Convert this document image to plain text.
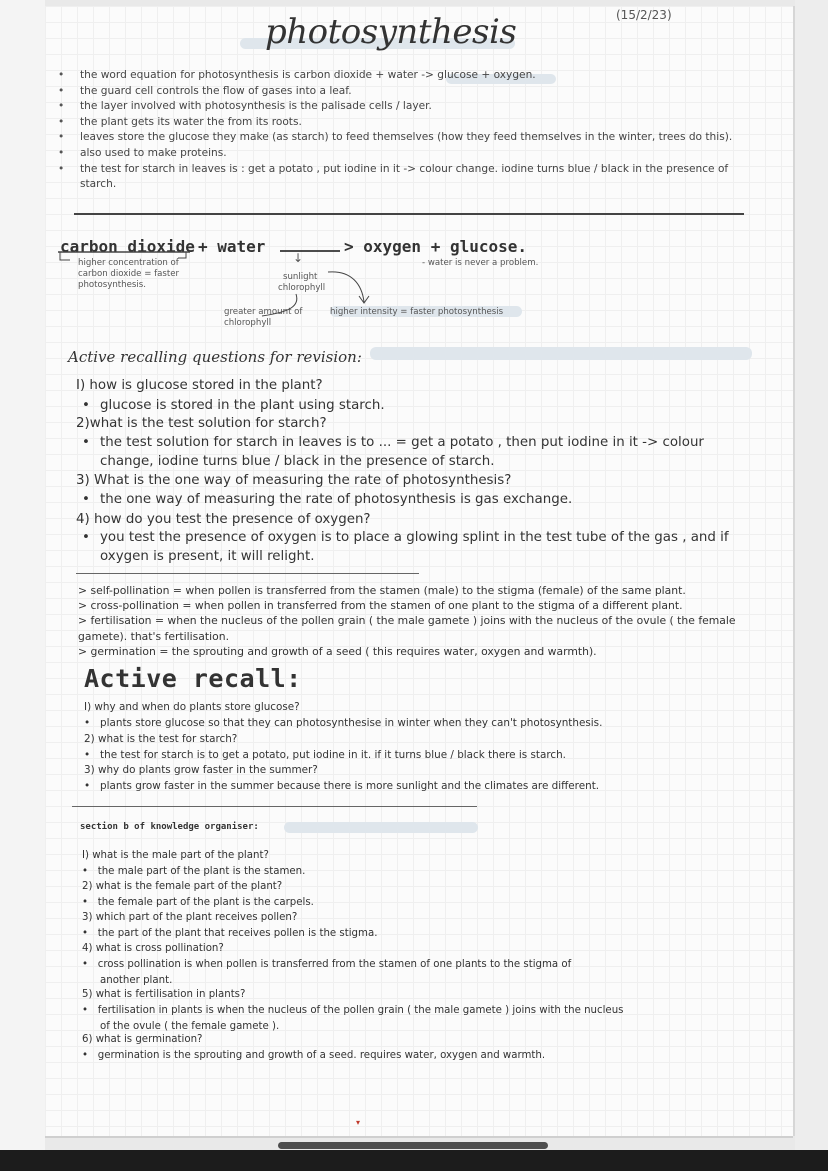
photosynthesis	(15/2/23)
• the word equation for photosynthesis is carbon dioxide + water -> glucose + oxygen.
• the guard cell controls the flow of gases into a leaf.
• the layer involved with photosynthesis is the palisade cells / layer.
• the plant gets its water the from its roots.
• leaves store the glucose they make (as starch) to feed themselves (how they feed themselves in the winter, trees do this).
• also used to make proteins.
• the test for starch in leaves is : get a potato , put iodine in it -> colour change. iodine turns blue / black in the presence of starch.
carbon dioxide + water	> oxygen + glucose.
higher concentration of carbon dioxide = faster photosynthesis.
- water is never a problem.
↓
sunlight
chlorophyll
greater amount of chlorophyll
higher intensity = faster photosynthesis
Active recalling questions for revision:
I) how is glucose stored in the plant?
• glucose is stored in the plant using starch.
2)what is the test solution for starch?
• the test solution for starch in leaves is to ... = get a potato , then put iodine in it -> colour change, iodine turns blue / black in the presence of starch.
3) What is the one way of measuring the rate of photosynthesis?
• the one way of measuring the rate of photosynthesis is gas exchange.
4) how do you test the presence of oxygen?
• you test the presence of oxygen is to place a glowing splint in the test tube of the gas , and if oxygen is present, it will relight.
> self-pollination = when pollen is transferred from the stamen (male) to the stigma (female) of the same plant.
> cross-pollination = when pollen in transferred from the stamen of one plant to the stigma of a different plant.
> fertilisation = when the nucleus of the pollen grain ( the male gamete ) joins with the nucleus of the ovule ( the female gamete). that's fertilisation.
> germination = the sprouting and growth of a seed ( this requires water, oxygen and warmth).
Active recall:
I) why and when do plants store glucose?
•   plants store glucose so that they can photosynthesise in winter when they can't photosynthesis.
2) what is the test for starch?
•   the test for starch is to get a potato, put iodine in it. if it turns blue / black there is starch.
3) why do plants grow faster in the summer?
•   plants grow faster in the summer because there is more sunlight and the climates are different.
section b of knowledge organiser:
I) what is the male part of the plant?
•   the male part of the plant is the stamen.
2) what is the female part of the plant?
•   the female part of the plant is the carpels.
3) which part of the plant receives pollen?
•   the part of the plant that receives pollen is the stigma.
4) what is cross pollination?
•   cross pollination is when pollen is transferred from the stamen of one plants to the stigma of another plant.
5) what is fertilisation in plants?
•   fertilisation in plants is when the nucleus of the pollen grain ( the male gamete ) joins with the nucleus of the ovule ( the female gamete ).
6) what is germination?
•   germination is the sprouting and growth of a seed. requires water, oxygen and warmth.
▾
